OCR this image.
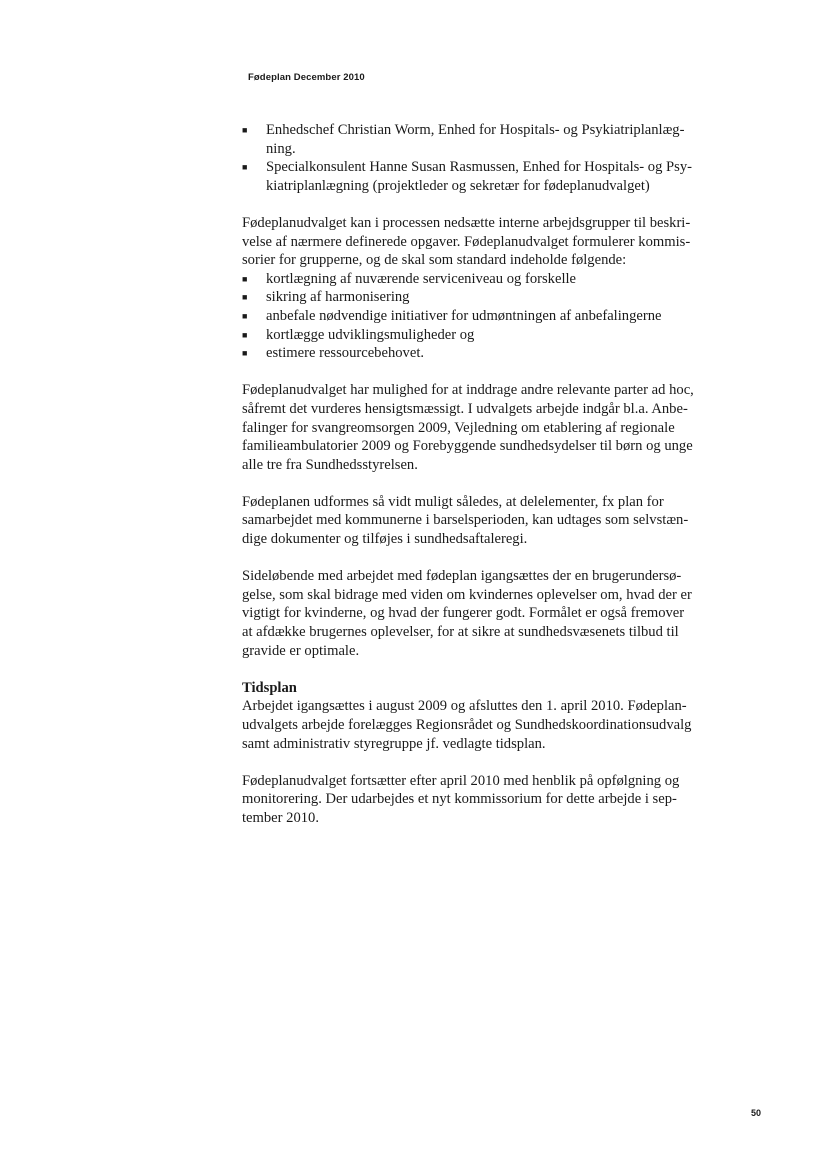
Fødeplan December 2010
■ Enhedschef Christian Worm, Enhed for Hospitals- og Psykiatriplanlæg-
ning.
■ Specialkonsulent Hanne Susan Rasmussen, Enhed for Hospitals- og Psy-
kiatriplanlægning (projektleder og sekretær for fødeplanudvalget)
Fødeplanudvalget kan i processen nedsætte interne arbejdsgrupper til beskri-
velse af nærmere definerede opgaver. Fødeplanudvalget formulerer kommis-
sorier for grupperne, og de skal som standard indeholde følgende:
■ kortlægning af nuværende serviceniveau og forskelle
■ sikring af harmonisering
■ anbefale nødvendige initiativer for udmøntningen af anbefalingerne
■ kortlægge udviklingsmuligheder og
■ estimere ressourcebehovet.
Fødeplanudvalget har mulighed for at inddrage andre relevante parter ad hoc,
såfremt det vurderes hensigtsmæssigt. I udvalgets arbejde indgår bl.a. Anbe-
falinger for svangreomsorgen 2009, Vejledning om etablering af regionale
familieambulatorier 2009 og Forebyggende sundhedsydelser til børn og unge
alle tre fra Sundhedsstyrelsen.
Fødeplanen udformes så vidt muligt således, at delelementer, fx plan for
samarbejdet med kommunerne i barselsperioden, kan udtages som selvstæn-
dige dokumenter og tilføjes i sundhedsaftaleregi.
Sideløbende med arbejdet med fødeplan igangsættes der en brugerundersø-
gelse, som skal bidrage med viden om kvindernes oplevelser om, hvad der er
vigtigt for kvinderne, og hvad der fungerer godt. Formålet er også fremover
at afdække brugernes oplevelser, for at sikre at sundhedsvæsenets tilbud til
gravide er optimale.
Tidsplan
Arbejdet igangsættes i august 2009 og afsluttes den 1. april 2010. Fødeplan-
udvalgets arbejde forelægges Regionsrådet og Sundhedskoordinationsudvalg
samt administrativ styregruppe jf. vedlagte tidsplan.
Fødeplanudvalget fortsætter efter april 2010 med henblik på opfølgning og
monitorering. Der udarbejdes et nyt kommissorium for dette arbejde i sep-
tember 2010.
50
